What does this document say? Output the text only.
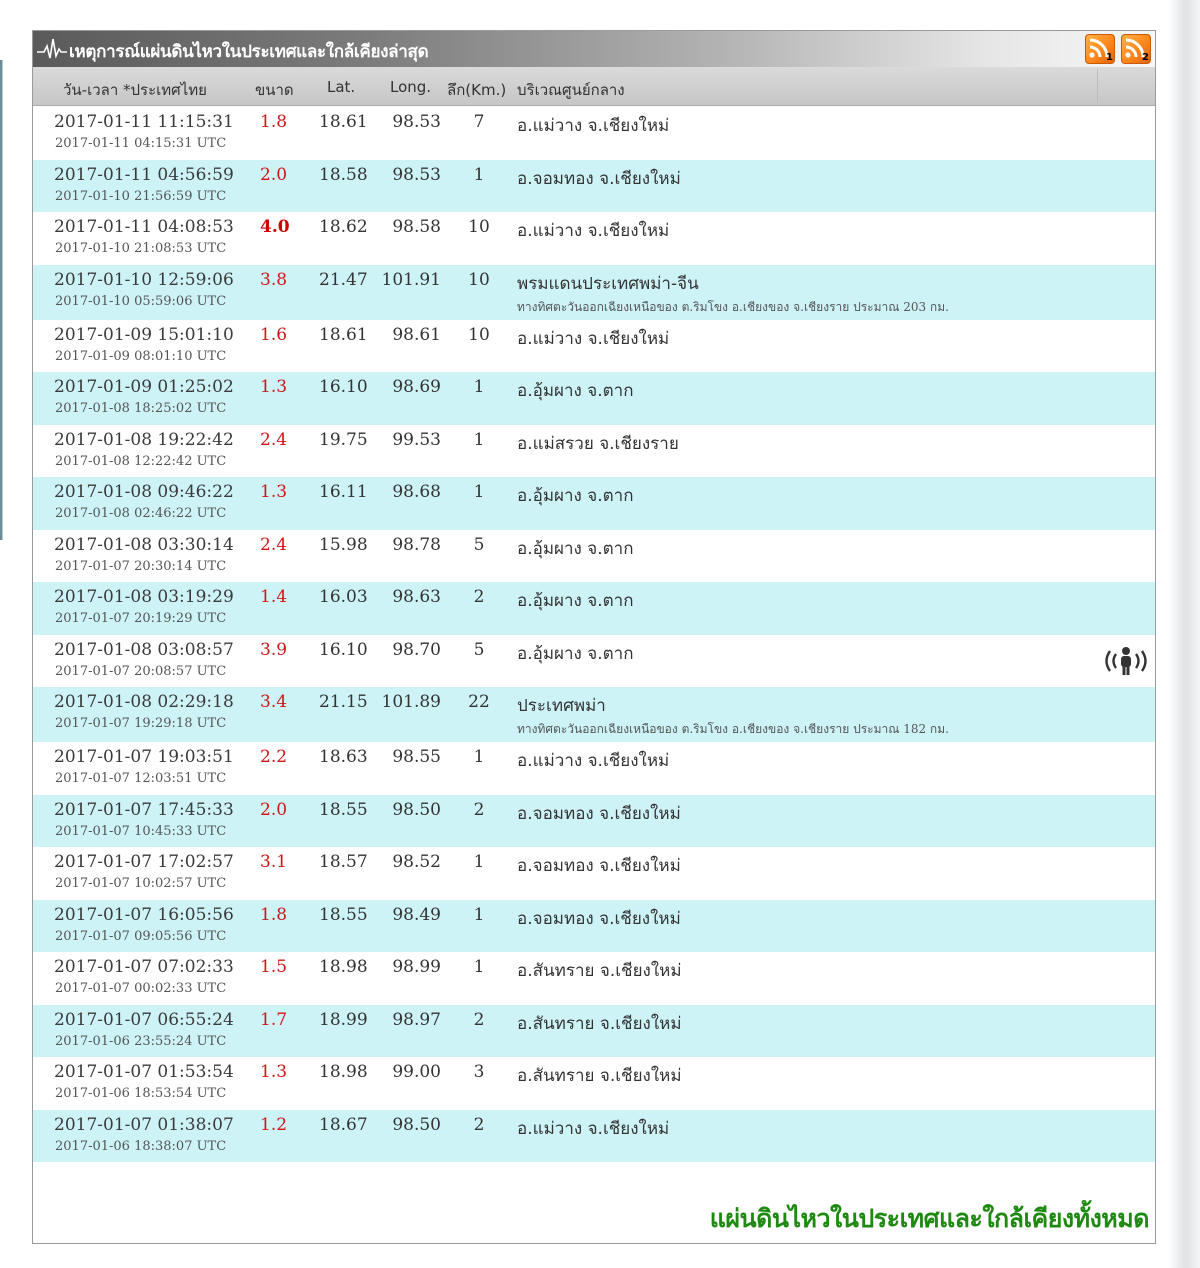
เหตุการณ์แผ่นดินไหวในประเทศและใกล้เคียงล่าสุด	1	2
วัน-เวลา *ประเทศไทย	ขนาด Lat. Long. ลึก(Km.) บริเวณศูนย์กลาง
2017-01-11 11:15:31
2017-01-11 04:15:31 UTC
1.8 18.61	98.53	7	อ.แม่วาง จ.เชียงใหม่
2017-01-11 04:56:59
2017-01-10 21:56:59 UTC
2.0 18.58	98.53	1	อ.จอมทอง จ.เชียงใหม่
2017-01-11 04:08:53
2017-01-10 21:08:53 UTC
4.0 18.62	98.58	10	อ.แม่วาง จ.เชียงใหม่
2017-01-10 12:59:06
2017-01-10 05:59:06 UTC
3.8 21.47 101.91	10	พรมแดนประเทศพม่า-จีน
ทางทิศตะวันออกเฉียงเหนือของ ต.ริมโขง อ.เชียงของ จ.เชียงราย ประมาณ 203 กม.
2017-01-09 15:01:10
2017-01-09 08:01:10 UTC
1.6 18.61	98.61	10	อ.แม่วาง จ.เชียงใหม่
2017-01-09 01:25:02
2017-01-08 18:25:02 UTC
1.3 16.10	98.69	1	อ.อุ้มผาง จ.ตาก
2017-01-08 19:22:42
2017-01-08 12:22:42 UTC
2.4 19.75	99.53	1	อ.แม่สรวย จ.เชียงราย
2017-01-08 09:46:22
2017-01-08 02:46:22 UTC
1.3 16.11	98.68	1	อ.อุ้มผาง จ.ตาก
2017-01-08 03:30:14
2017-01-07 20:30:14 UTC
2.4 15.98	98.78	5	อ.อุ้มผาง จ.ตาก
2017-01-08 03:19:29
2017-01-07 20:19:29 UTC
1.4 16.03	98.63	2	อ.อุ้มผาง จ.ตาก
2017-01-08 03:08:57
2017-01-07 20:08:57 UTC
3.9 16.10	98.70	5	อ.อุ้มผาง จ.ตาก
2017-01-08 02:29:18
2017-01-07 19:29:18 UTC
3.4 21.15 101.89	22	ประเทศพม่า
ทางทิศตะวันออกเฉียงเหนือของ ต.ริมโขง อ.เชียงของ จ.เชียงราย ประมาณ 182 กม.
2017-01-07 19:03:51
2017-01-07 12:03:51 UTC
2.2 18.63	98.55	1	อ.แม่วาง จ.เชียงใหม่
2017-01-07 17:45:33
2017-01-07 10:45:33 UTC
2.0 18.55	98.50	2	อ.จอมทอง จ.เชียงใหม่
2017-01-07 17:02:57
2017-01-07 10:02:57 UTC
3.1 18.57	98.52	1	อ.จอมทอง จ.เชียงใหม่
2017-01-07 16:05:56
2017-01-07 09:05:56 UTC
1.8 18.55	98.49	1	อ.จอมทอง จ.เชียงใหม่
2017-01-07 07:02:33
2017-01-07 00:02:33 UTC
1.5 18.98	98.99	1	อ.สันทราย จ.เชียงใหม่
2017-01-07 06:55:24
2017-01-06 23:55:24 UTC
1.7 18.99	98.97	2	อ.สันทราย จ.เชียงใหม่
2017-01-07 01:53:54
2017-01-06 18:53:54 UTC
1.3 18.98	99.00	3	อ.สันทราย จ.เชียงใหม่
2017-01-07 01:38:07
2017-01-06 18:38:07 UTC
1.2 18.67	98.50	2	อ.แม่วาง จ.เชียงใหม่
แผ่นดินไหวในประเทศและใกล้เคียงทั้งหมด
